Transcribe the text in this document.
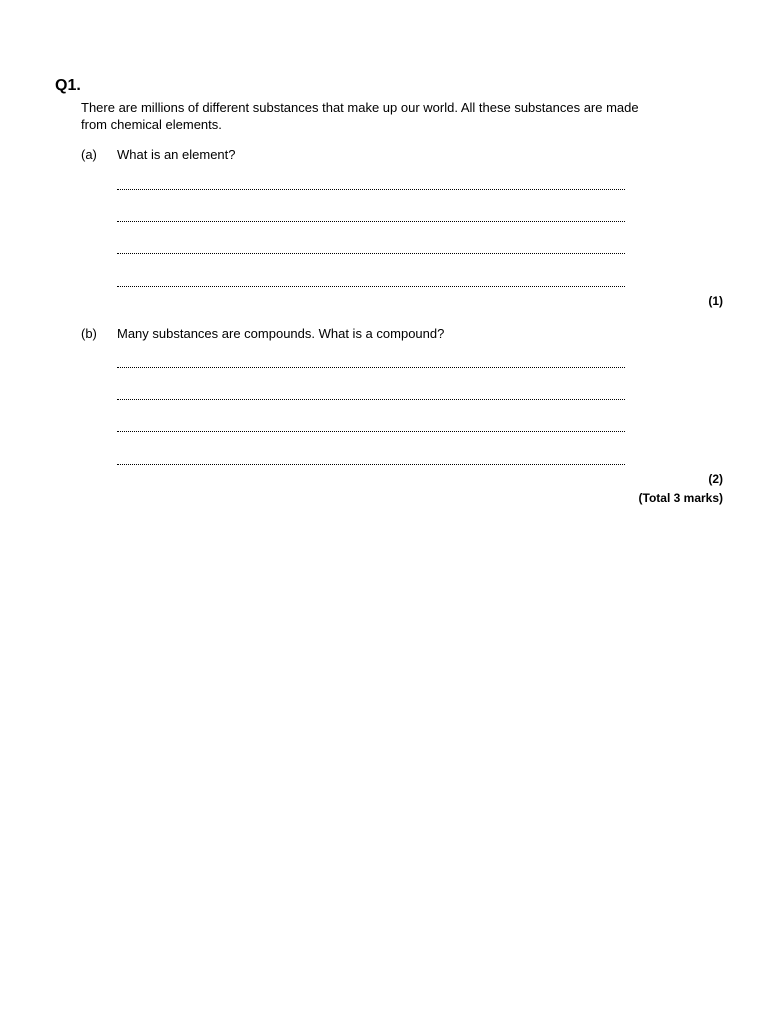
Q1.
There are millions of different substances that make up our world. All these substances are made
from chemical elements.
(a) What is an element?
(1)
(b) Many substances are compounds. What is a compound?
(2)
(Total 3 marks)
